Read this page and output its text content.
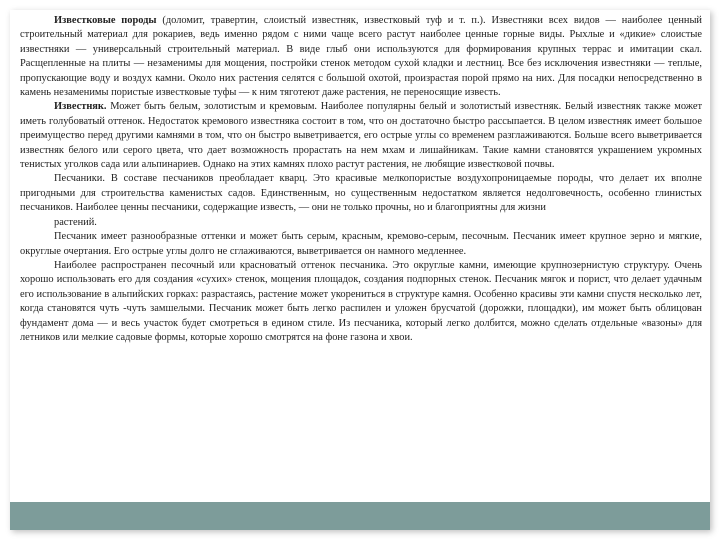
Известковые породы (доломит, травертин, слоистый известняк, известковый туф и т. п.). Известняки всех видов — наиболее ценный строительный материал для рокариев, ведь именно рядом с ними чаще всего растут наиболее ценные горные виды. Рыхлые и «дикие» слоистые известняки — универсальный строительный материал. В виде глыб они используются для формирования крупных террас и имитации скал. Расщепленные на плиты — незаменимы для мощения, постройки стенок методом сухой кладки и лестниц. Все без исключения известняки — теплые, пропускающие воду и воздух камни. Около них растения селятся с большой охотой, произрастая порой прямо на них. Для посадки непосредственно в камень незаменимы пористые известковые туфы — к ним тяготеют даже растения, не переносящие известь.

Известняк. Может быть белым, золотистым и кремовым. Наиболее популярны белый и золотистый известняк. Белый известняк также может иметь голубоватый оттенок. Недостаток кремового известняка состоит в том, что он достаточно быстро рассыпается. В целом известняк имеет большое преимущество перед другими камнями в том, что он быстро выветривается, его острые углы со временем разглаживаются. Больше всего выветривается известняк белого или серого цвета, что дает возможность прорастать на нем мхам и лишайникам. Такие камни становятся украшением укромных тенистых уголков сада или альпинариев. Однако на этих камнях плохо растут растения, не любящие известковой почвы.

Песчаники. В составе песчаников преобладает кварц. Это красивые мелкопористые воздухопроницаемые породы, что делает их вполне пригодными для строительства каменистых садов. Единственным, но существенным недостатком является недолговечность, особенно глинистых песчаников. Наиболее ценны песчаники, содержащие известь, — они не только прочны, но и благоприятны для жизни

растений.

Песчаник имеет разнообразные оттенки и может быть серым, красным, кремово-серым, песочным. Песчаник имеет крупное зерно и мягкие, округлые очертания. Его острые углы долго не сглаживаются, выветривается он намного медленнее.

Наиболее распространен песочный или красноватый оттенок песчаника. Это округлые камни, имеющие крупнозернистую структуру. Очень хорошо использовать его для создания «сухих» стенок, мощения площадок, создания подпорных стенок. Песчаник мягок и порист, что делает удачным его использование в альпийских горках: разрастаясь, растение может укорениться в структуре камня. Особенно красивы эти камни спустя несколько лет, когда становятся чуть -чуть замшелыми. Песчаник может быть легко распилен и уложен брусчатой (дорожки, площадки), им может быть облицован фундамент дома — и весь участок будет смотреться в едином стиле. Из песчаника, который легко долбится, можно сделать отдельные «вазоны» для летников или мелкие садовые формы, которые хорошо смотрятся на фоне газона и хвои.
